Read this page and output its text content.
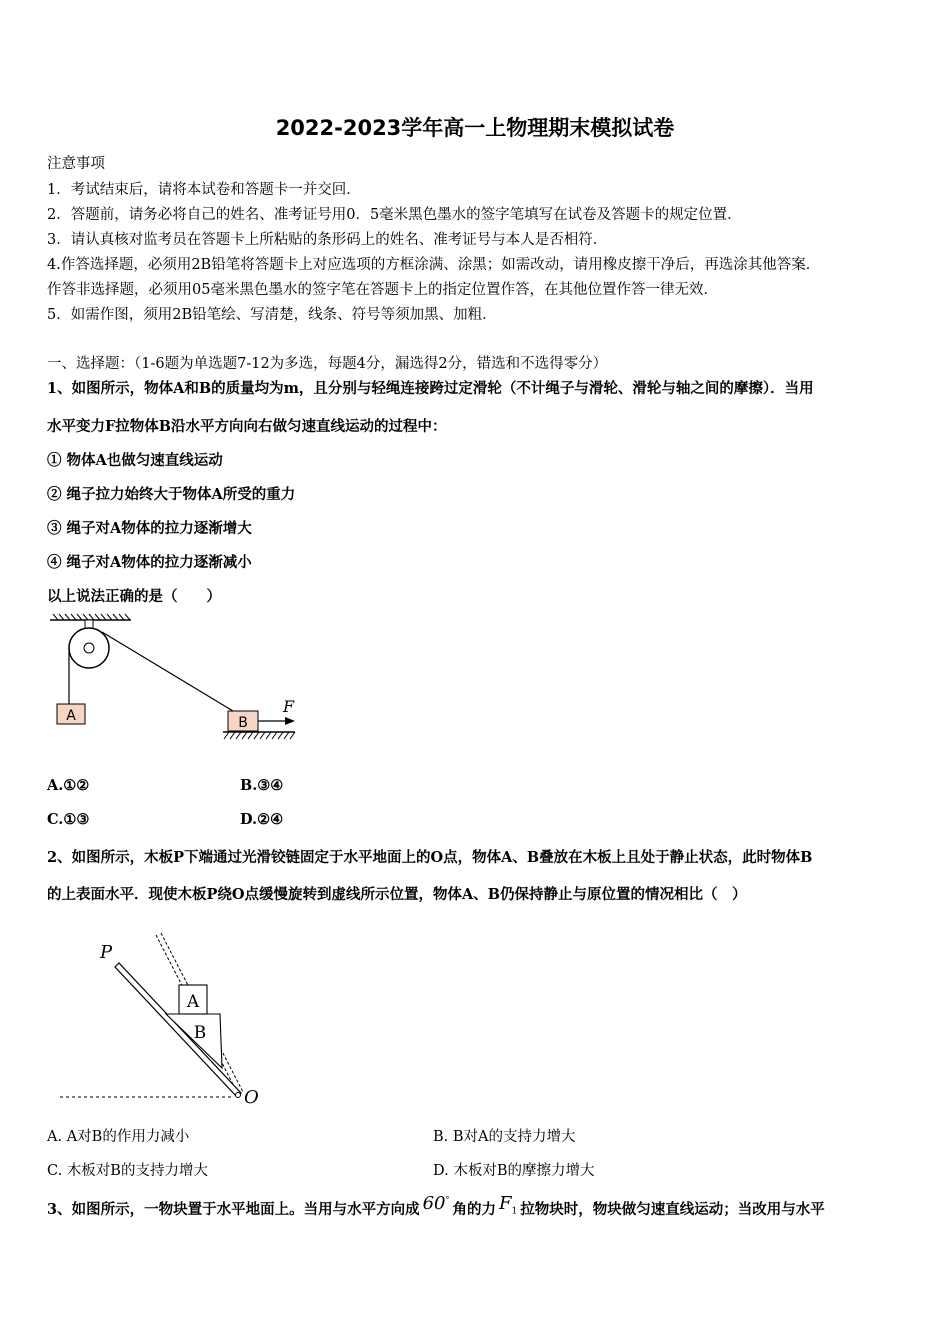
2022-2023学年高一上物理期末模拟试卷
注意事项
1．考试结束后，请将本试卷和答题卡一并交回．
2．答题前，请务必将自己的姓名、准考证号用0．5毫米黑色墨水的签字笔填写在试卷及答题卡的规定位置．
3．请认真核对监考员在答题卡上所粘贴的条形码上的姓名、准考证号与本人是否相符．
4.作答选择题，必须用2B铅笔将答题卡上对应选项的方框涂满、涂黑；如需改动，请用橡皮擦干净后，再选涂其他答案．
作答非选择题，必须用05毫米黑色墨水的签字笔在答题卡上的指定位置作答，在其他位置作答一律无效．
5．如需作图，须用2B铅笔绘、写清楚，线条、符号等须加黑、加粗．
一、选择题：（1-6题为单选题7-12为多选，每题4分，漏选得2分，错选和不选得零分）
1、如图所示，物体A和B的质量均为m，且分别与轻绳连接跨过定滑轮（不计绳子与滑轮、滑轮与轴之间的摩擦）．当用
水平变力F拉物体B沿水平方向向右做匀速直线运动的过程中：
① 物体A也做匀速直线运动
② 绳子拉力始终大于物体A所受的重力
③ 绳子对A物体的拉力逐渐增大
④ 绳子对A物体的拉力逐渐减小
以上说法正确的是（　　）
A	B
F
A.①②	B.③④
C.①③	D.②④
2、如图所示，木板P下端通过光滑铰链固定于水平地面上的O点，物体A、B叠放在木板上且处于静止状态，此时物体B
的上表面水平．现使木板P绕O点缓慢旋转到虚线所示位置，物体A、B仍保持静止与原位置的情况相比（　）
P
B
A
O
A. A对B的作用力减小	B. B对A的支持力增大
C. 木板对B的支持力增大	D. 木板对B的摩擦力增大
3、如图所示，一物块置于水平地面上。当用与水平方向成 60°角的力 $F_1$ 拉物块时，物块做匀速直线运动；当改用与水平
